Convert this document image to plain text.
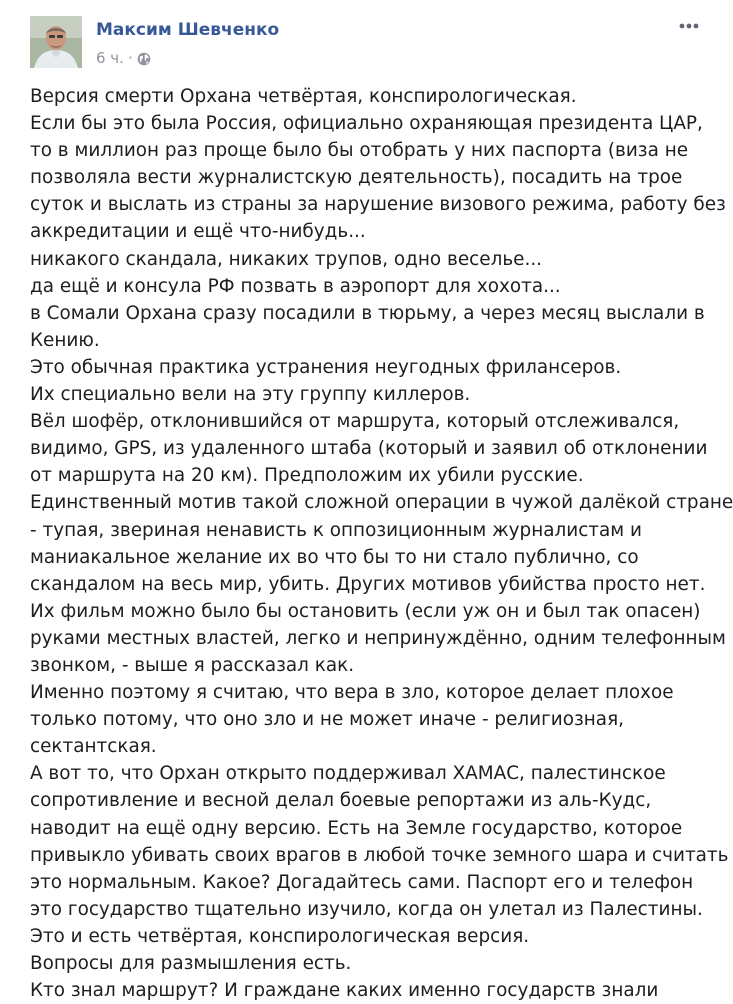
Максим Шевченко
6 ч. ·
Версия смерти Орхана четвёртая, конспирологическая.
Если бы это была Россия, официально охраняющая президента ЦАР,
то в миллион раз проще было бы отобрать у них паспорта (виза не
позволяла вести журналистскую деятельность), посадить на трое
суток и выслать из страны за нарушение визового режима, работу без
аккредитации и ещё что-нибудь...
никакого скандала, никаких трупов, одно веселье...
да ещё и консула РФ позвать в аэропорт для хохота...
в Сомали Орхана сразу посадили в тюрьму, а через месяц выслали в
Кению.
Это обычная практика устранения неугодных фрилансеров.
Их специально вели на эту группу киллеров.
Вёл шофёр, отклонившийся от маршрута, который отслеживался,
видимо, GPS, из удаленного штаба (который и заявил об отклонении
от маршрута на 20 км). Предположим их убили русские.
Единственный мотив такой сложной операции в чужой далёкой стране
- тупая, звериная ненависть к оппозиционным журналистам и
маниакальное желание их во что бы то ни стало публично, со
скандалом на весь мир, убить. Других мотивов убийства просто нет.
Их фильм можно было бы остановить (если уж он и был так опасен)
руками местных властей, легко и непринуждённо, одним телефонным
звонком, - выше я рассказал как.
Именно поэтому я считаю, что вера в зло, которое делает плохое
только потому, что оно зло и не может иначе - религиозная,
сектантская.
А вот то, что Орхан открыто поддерживал ХАМАС, палестинское
сопротивление и весной делал боевые репортажи из аль-Кудс,
наводит на ещё одну версию. Есть на Земле государство, которое
привыкло убивать своих врагов в любой точке земного шара и считать
это нормальным. Какое? Догадайтесь сами. Паспорт его и телефон
это государство тщательно изучило, когда он улетал из Палестины.
Это и есть четвёртая, конспирологическая версия.
Вопросы для размышления есть.
Кто знал маршрут? И граждане каких именно государств знали
